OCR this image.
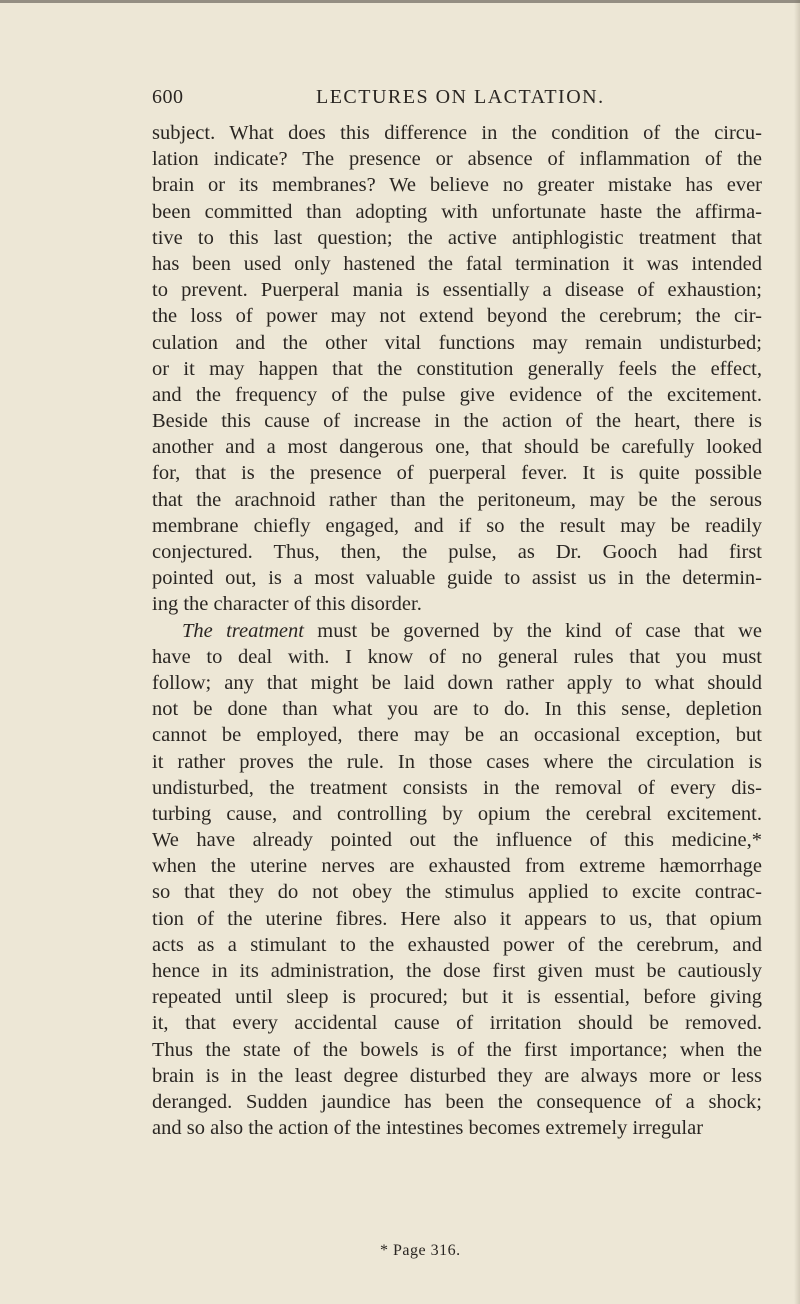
600	LECTURES ON LACTATION.
subject. What does this difference in the condition of the circu-
lation indicate? The presence or absence of inflammation of the
brain or its membranes? We believe no greater mistake has ever
been committed than adopting with unfortunate haste the affirma-
tive to this last question; the active antiphlogistic treatment that
has been used only hastened the fatal termination it was intended
to prevent. Puerperal mania is essentially a disease of exhaustion;
the loss of power may not extend beyond the cerebrum; the cir-
culation and the other vital functions may remain undisturbed;
or it may happen that the constitution generally feels the effect,
and the frequency of the pulse give evidence of the excitement.
Beside this cause of increase in the action of the heart, there is
another and a most dangerous one, that should be carefully looked
for, that is the presence of puerperal fever. It is quite possible
that the arachnoid rather than the peritoneum, may be the serous
membrane chiefly engaged, and if so the result may be readily
conjectured. Thus, then, the pulse, as Dr. Gooch had first
pointed out, is a most valuable guide to assist us in the determin-
ing the character of this disorder.
The treatment must be governed by the kind of case that we
have to deal with. I know of no general rules that you must
follow; any that might be laid down rather apply to what should
not be done than what you are to do. In this sense, depletion
cannot be employed, there may be an occasional exception, but
it rather proves the rule. In those cases where the circulation is
undisturbed, the treatment consists in the removal of every dis-
turbing cause, and controlling by opium the cerebral excitement.
We have already pointed out the influence of this medicine,*
when the uterine nerves are exhausted from extreme hæmorrhage
so that they do not obey the stimulus applied to excite contrac-
tion of the uterine fibres. Here also it appears to us, that opium
acts as a stimulant to the exhausted power of the cerebrum, and
hence in its administration, the dose first given must be cautiously
repeated until sleep is procured; but it is essential, before giving
it, that every accidental cause of irritation should be removed.
Thus the state of the bowels is of the first importance; when the
brain is in the least degree disturbed they are always more or less
deranged. Sudden jaundice has been the consequence of a shock;
and so also the action of the intestines becomes extremely irregular
* Page 316.
